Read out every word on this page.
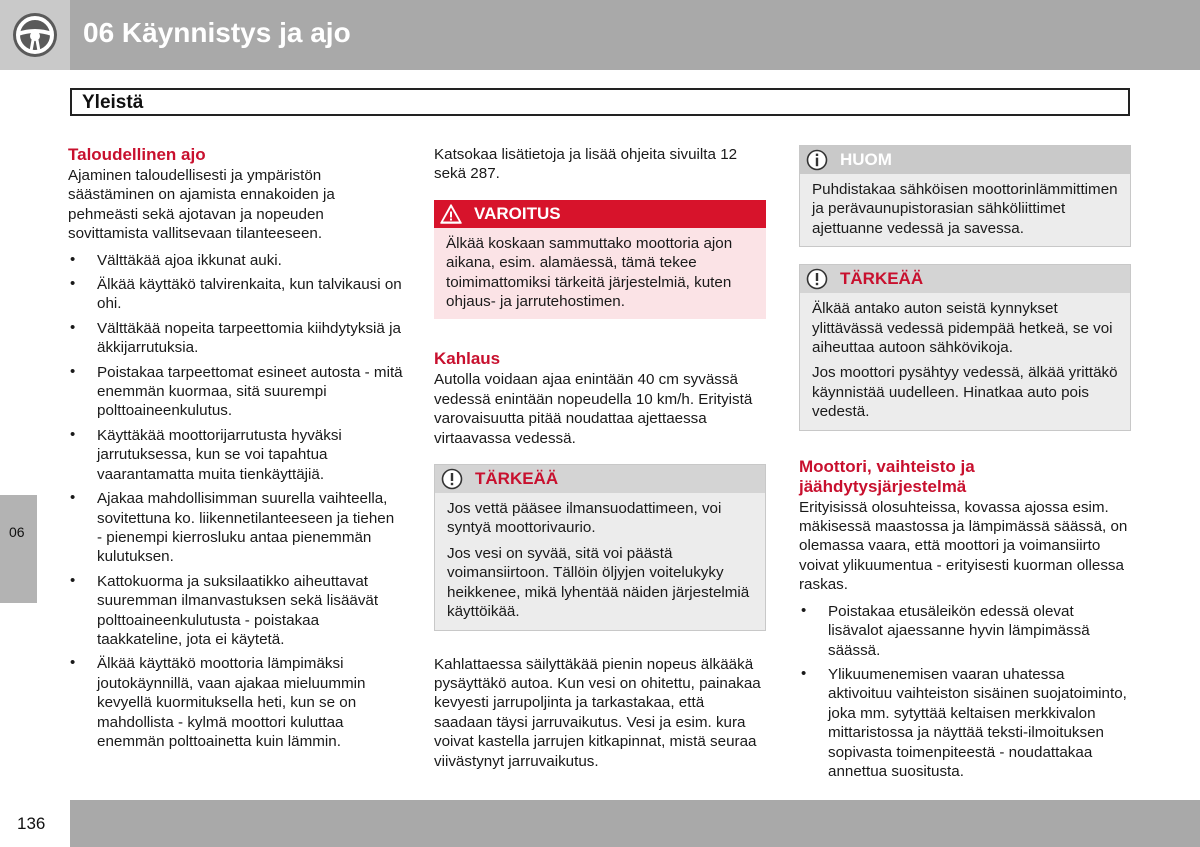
06 Käynnistys ja ajo
Yleistä
06
Taloudellinen ajo

Ajaminen taloudellisesti ja ympäristön säästäminen on ajamista ennakoiden ja pehmeästi sekä ajotavan ja nopeuden sovittamista vallitsevaan tilanteeseen.

• Välttäkää ajoa ikkunat auki.
• Älkää käyttäkö talvirenkaita, kun talvikausi on ohi.
• Välttäkää nopeita tarpeettomia kiihdytyksiä ja äkkijarrutuksia.
• Poistakaa tarpeettomat esineet autosta - mitä enemmän kuormaa, sitä suurempi polttoaineenkulutus.
• Käyttäkää moottorijarrutusta hyväksi jarrutuksessa, kun se voi tapahtua vaarantamatta muita tienkäyttäjiä.
• Ajakaa mahdollisimman suurella vaihteella, sovitettuna ko. liikennetilanteeseen ja tiehen - pienempi kierrosluku antaa pienemmän kulutuksen.
• Kattokuorma ja suksilaatikko aiheuttavat suuremman ilmanvastuksen sekä lisäävät polttoaineenkulutusta - poistakaa taakkateline, jota ei käytetä.
• Älkää käyttäkö moottoria lämpimäksi joutokäynnillä, vaan ajakaa mieluummin kevyellä kuormituksella heti, kun se on mahdollista - kylmä moottori kuluttaa enemmän polttoainetta kuin lämmin.

Katsokaa lisätietoja ja lisää ohjeita sivuilta 12 sekä 287.

VAROITUS

Älkää koskaan sammuttako moottoria ajon aikana, esim. alamäessä, tämä tekee toimimattomiksi tärkeitä järjestelmiä, kuten ohjaus- ja jarrutehostimen.

Kahlaus

Autolla voidaan ajaa enintään 40 cm syvässä vedessä enintään nopeudella 10 km/h. Erityistä varovaisuutta pitää noudattaa ajettaessa virtaavassa vedessä.

TÄRKEÄÄ

Jos vettä pääsee ilmansuodattimeen, voi syntyä moottorivaurio.

Jos vesi on syvää, sitä voi päästä voimansiirtoon. Tällöin öljyjen voitelukyky heikkenee, mikä lyhentää näiden järjestelmiä käyttöikää.

Kahlattaessa säilyttäkää pienin nopeus älkääkä pysäyttäkö autoa. Kun vesi on ohitettu, painakaa kevyesti jarrupoljinta ja tarkastakaa, että saadaan täysi jarruvaikutus. Vesi ja esim. kura voivat kastella jarrujen kitkapinnat, mistä seuraa viivästynyt jarruvaikutus.

HUOM

Puhdistakaa sähköisen moottorinlämmittimen ja perävaunupistorasian sähköliittimet ajettuanne vedessä ja savessa.

TÄRKEÄÄ

Älkää antako auton seistä kynnykset ylittävässä vedessä pidempää hetkeä, se voi aiheuttaa autoon sähkövikoja.

Jos moottori pysähtyy vedessä, älkää yrittäkö käynnistää uudelleen. Hinatkaa auto pois vedestä.

Moottori, vaihteisto ja jäähdytysjärjestelmä

Erityisissä olosuhteissa, kovassa ajossa esim. mäkisessä maastossa ja lämpimässä säässä, on olemassa vaara, että moottori ja voimansiirto voivat ylikuumentua - erityisesti kuorman ollessa raskas.

• Poistakaa etusäleikön edessä olevat lisävalot ajaessanne hyvin lämpimässä säässä.
• Ylikuumenemisen vaaran uhatessa aktivoituu vaihteiston sisäinen suojatoiminto, joka mm. sytyttää keltaisen merkkivalon mittaristossa ja näyttää teksti-ilmoituksen sopivasta toimenpiteestä - noudattakaa annettua suositusta.
136
